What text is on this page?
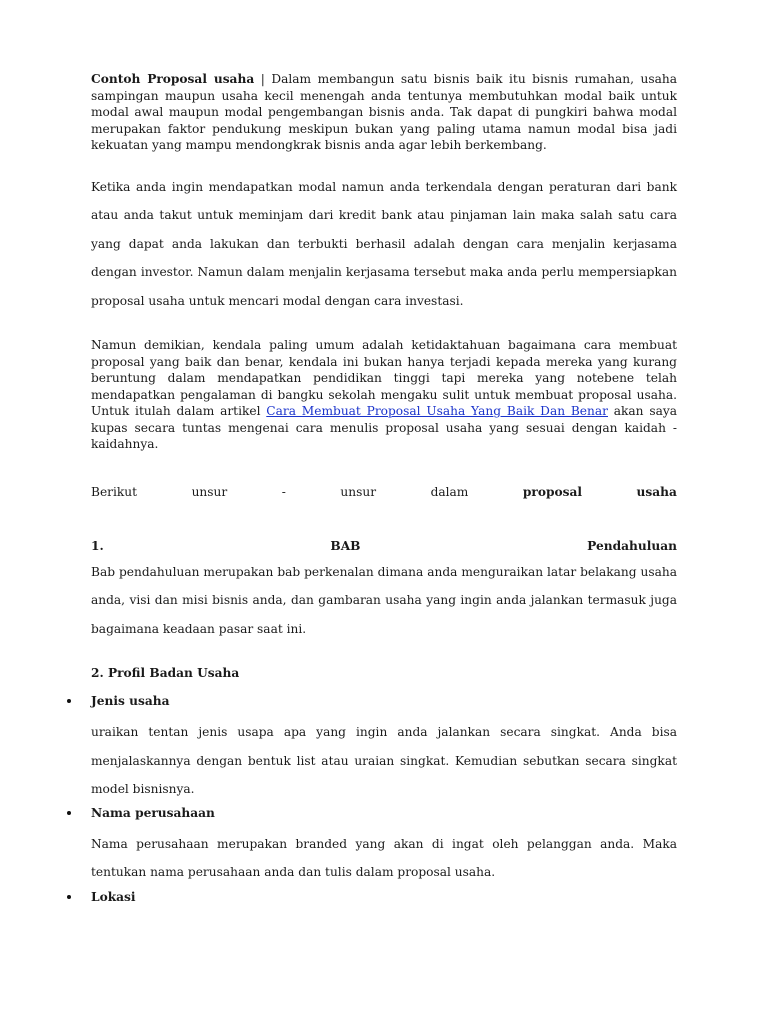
Contoh Proposal usaha | Dalam membangun satu bisnis baik itu bisnis rumahan, usaha sampingan maupun usaha kecil menengah anda tentunya membutuhkan modal baik untuk modal awal maupun modal pengembangan bisnis anda. Tak dapat di pungkiri bahwa modal merupakan faktor pendukung meskipun bukan yang paling utama namun modal bisa jadi kekuatan yang mampu mendongkrak bisnis anda agar lebih berkembang.

Ketika anda ingin mendapatkan modal namun anda terkendala dengan peraturan dari bank atau anda takut untuk meminjam dari kredit bank atau pinjaman lain maka salah satu cara yang dapat anda lakukan dan terbukti berhasil adalah dengan cara menjalin kerjasama dengan investor. Namun dalam menjalin kerjasama tersebut maka anda perlu mempersiapkan proposal usaha untuk mencari modal dengan cara investasi.

Namun demikian, kendala paling umum adalah ketidaktahuan bagaimana cara membuat proposal yang baik dan benar, kendala ini bukan hanya terjadi kepada mereka yang kurang beruntung dalam mendapatkan pendidikan tinggi tapi mereka yang notebene telah mendapatkan pengalaman di bangku sekolah mengaku sulit untuk membuat proposal usaha. Untuk itulah dalam artikel Cara Membuat Proposal Usaha Yang Baik Dan Benar akan saya kupas secara tuntas mengenai cara menulis proposal usaha yang sesuai dengan kaidah - kaidahnya.

Berikut	unsur	-	unsur	dalam	proposal	usaha
1.	BAB	Pendahuluan

Bab pendahuluan merupakan bab perkenalan dimana anda menguraikan latar belakang usaha anda, visi dan misi bisnis anda, dan gambaran usaha yang ingin anda jalankan termasuk juga bagaimana keadaan pasar saat ini.

2. Profil Badan Usaha

Jenis usaha

uraikan tentan jenis usapa apa yang ingin anda jalankan secara singkat. Anda bisa menjalaskannya dengan bentuk list atau uraian singkat. Kemudian sebutkan secara singkat model bisnisnya.

Nama perusahaan

Nama perusahaan merupakan branded yang akan di ingat oleh pelanggan anda. Maka tentukan nama perusahaan anda dan tulis dalam proposal usaha.

Lokasi
